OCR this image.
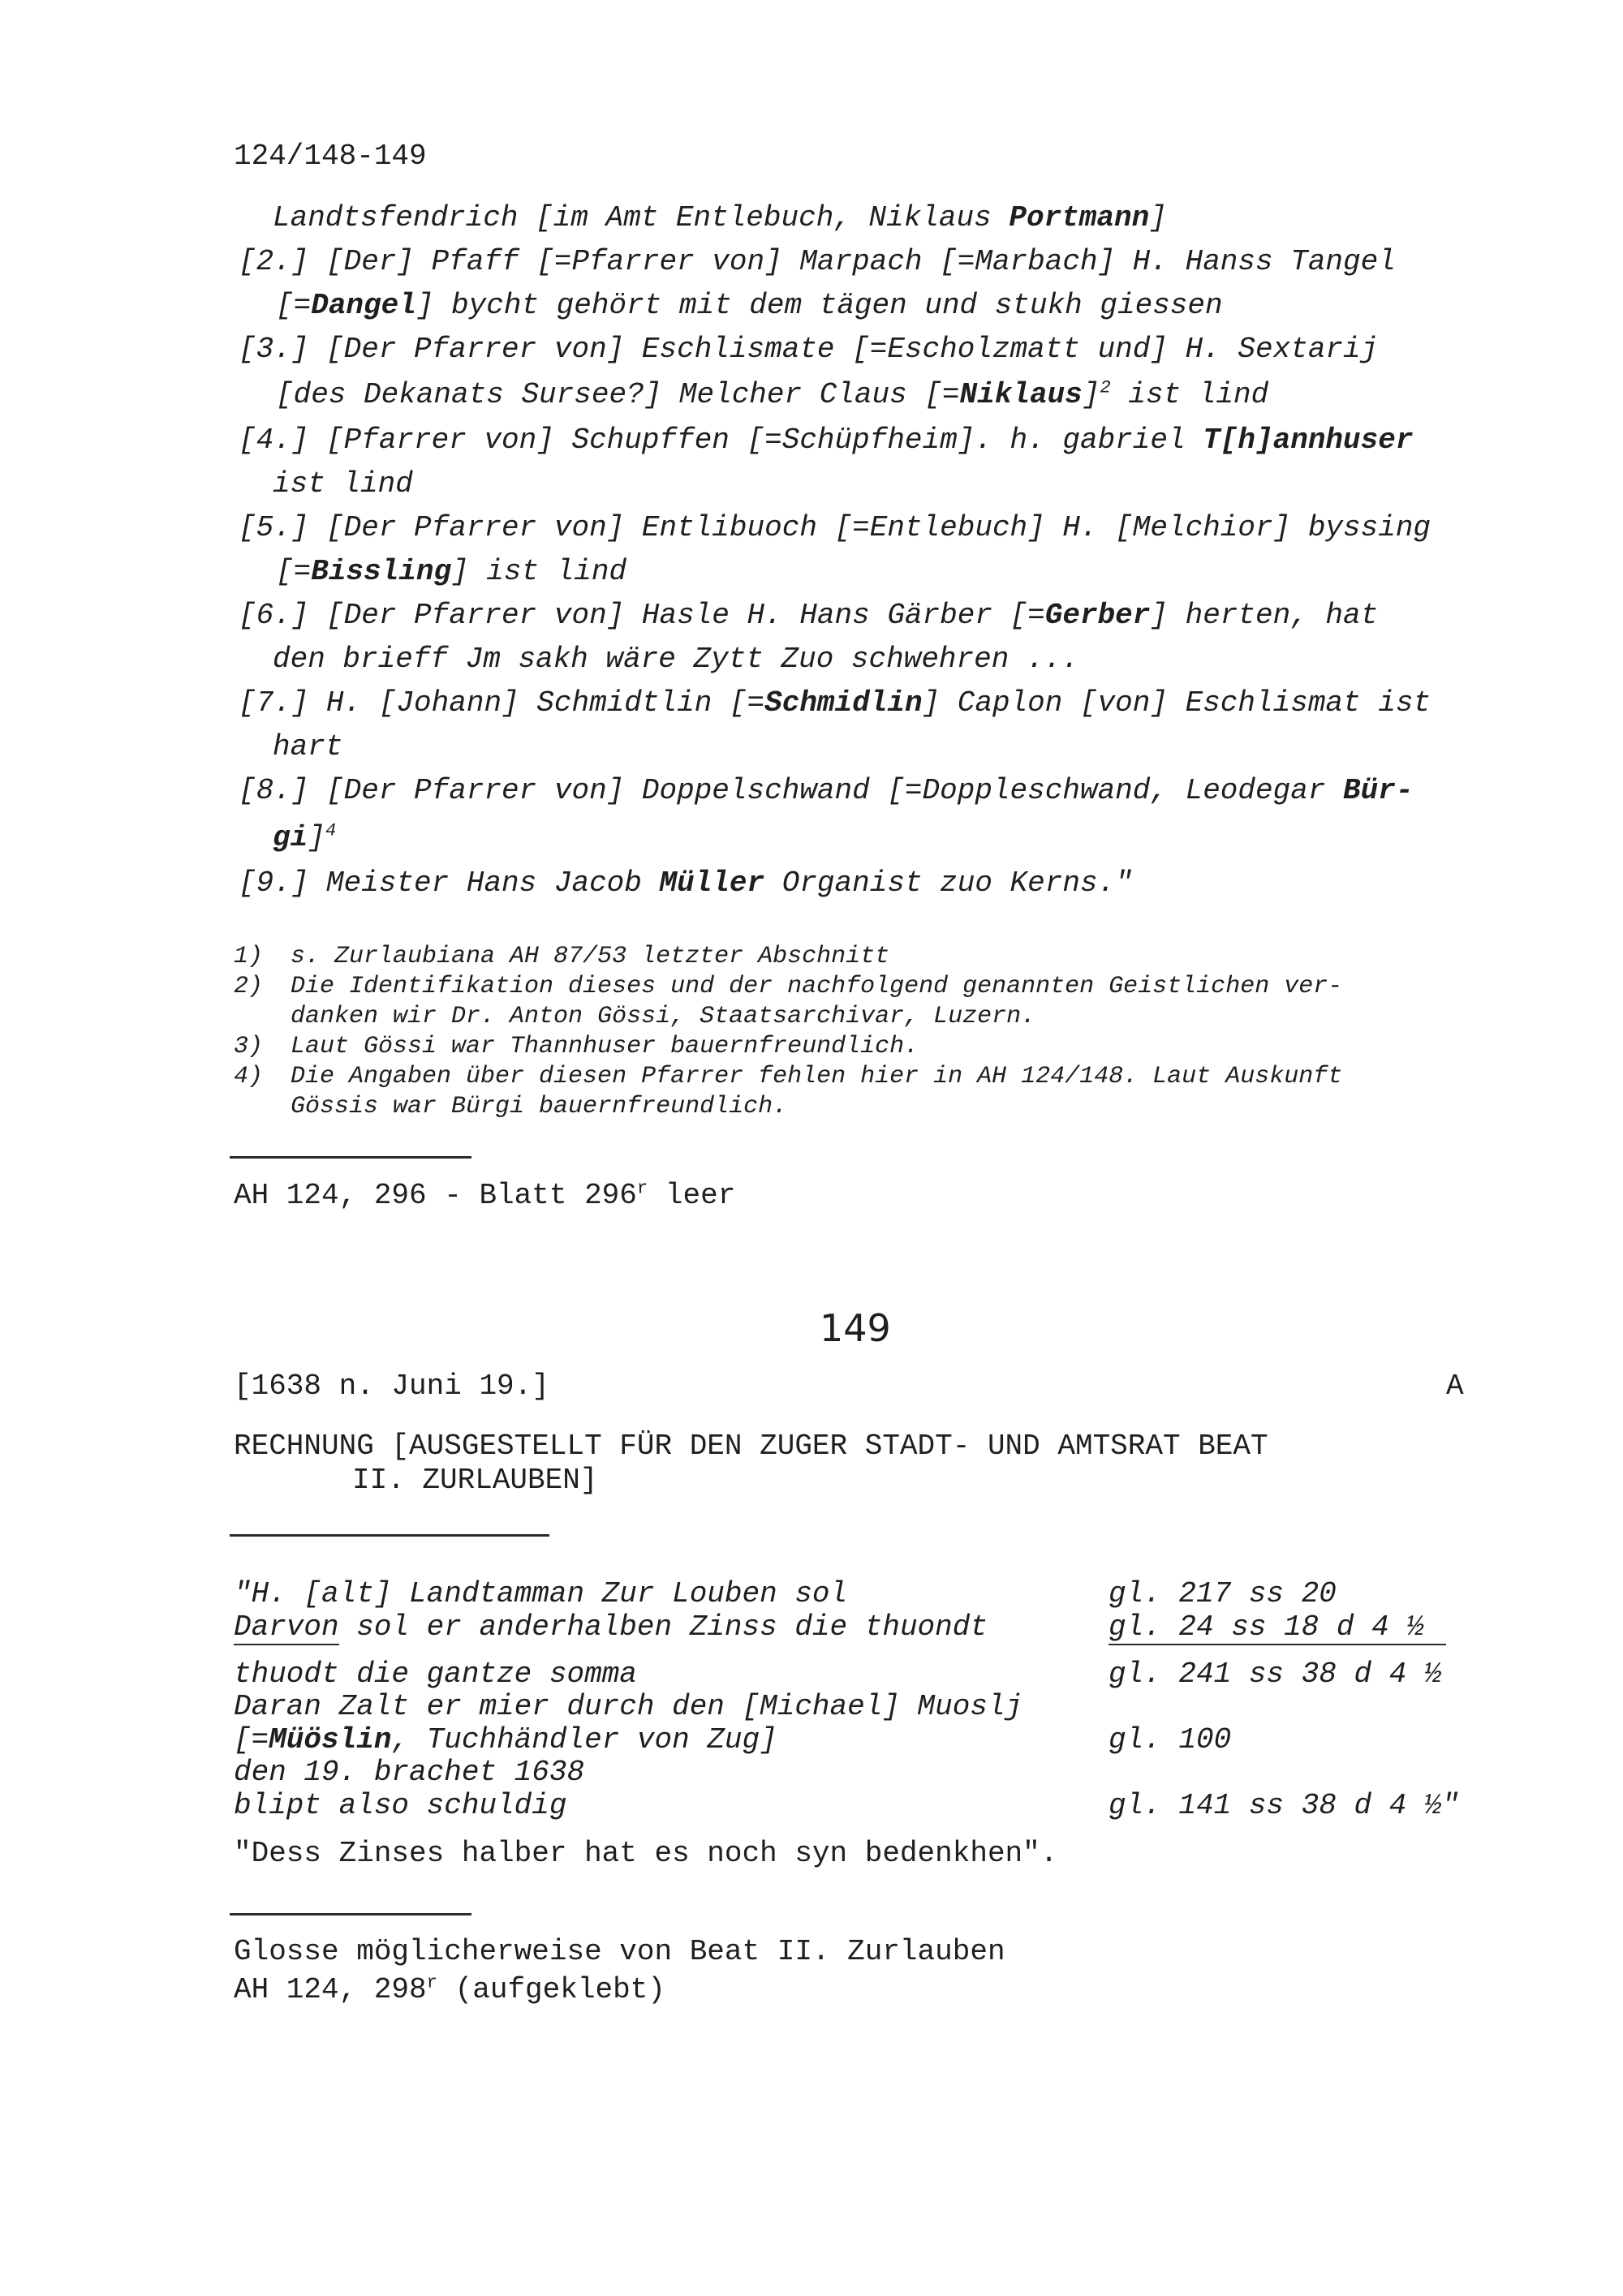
124/148-149
Landtsfendrich [im Amt Entlebuch, Niklaus Portmann]
[2.] [Der] Pfaff [=Pfarrer von] Marpach [=Marbach] H. Hanss Tangel
[=Dangel] bycht gehört mit dem tägen und stukh giessen
[3.] [Der Pfarrer von] Eschlismate [=Escholzmatt und] H. Sextarij
[des Dekanats Sursee?] Melcher Claus [=Niklaus]$^2$ ist lind
[4.] [Pfarrer von] Schupffen [=Schüpfheim]. h. gabriel T[h]annhuser
ist lind
[5.] [Der Pfarrer von] Entlibuoch [=Entlebuch] H. [Melchior] byssing
[=Bissling] ist lind
[6.] [Der Pfarrer von] Hasle H. Hans Gärber [=Gerber] herten, hat
den brieff Jm sakh wäre Zytt Zuo schwehren ...
[7.] H. [Johann] Schmidtlin [=Schmidlin] Caplon [von] Eschlismat ist
hart
[8.] [Der Pfarrer von] Doppelschwand [=Doppleschwand, Leodegar Bür-
gi]$^4$
[9.] Meister Hans Jacob Müller Organist zuo Kerns."
1) s. Zurlaubiana AH 87/53 letzter Abschnitt
2) Die Identifikation dieses und der nachfolgend genannten Geistlichen ver-
danken wir Dr. Anton Gössi, Staatsarchivar, Luzern.
3) Laut Gössi war Thannhuser bauernfreundlich.
4) Die Angaben über diesen Pfarrer fehlen hier in AH 124/148. Laut Auskunft
Gössis war Bürgi bauernfreundlich.
AH 124, 296 - Blatt 296$^r$ leer
149
[1638 n. Juni 19.]	A
RECHNUNG [AUSGESTELLT FÜR DEN ZUGER STADT- UND AMTSRAT BEAT
II. ZURLAUBEN]
"H. [alt] Landtamman Zur Louben sol	gl. 217 ss 20
Darvon sol er anderhalben Zinss die thuondt	gl. 24 ss 18 d 4 ½
thuodt die gantze somma	gl. 241 ss 38 d 4 ½
Daran Zalt er mier durch den [Michael] Muoslj
[=Müöslin, Tuchhändler von Zug]	gl. 100
den 19. brachet 1638
blipt also schuldig	gl. 141 ss 38 d 4 ½"
"Dess Zinses halber hat es noch syn bedenkhen".
Glosse möglicherweise von Beat II. Zurlauben
AH 124, 298$^r$ (aufgeklebt)
